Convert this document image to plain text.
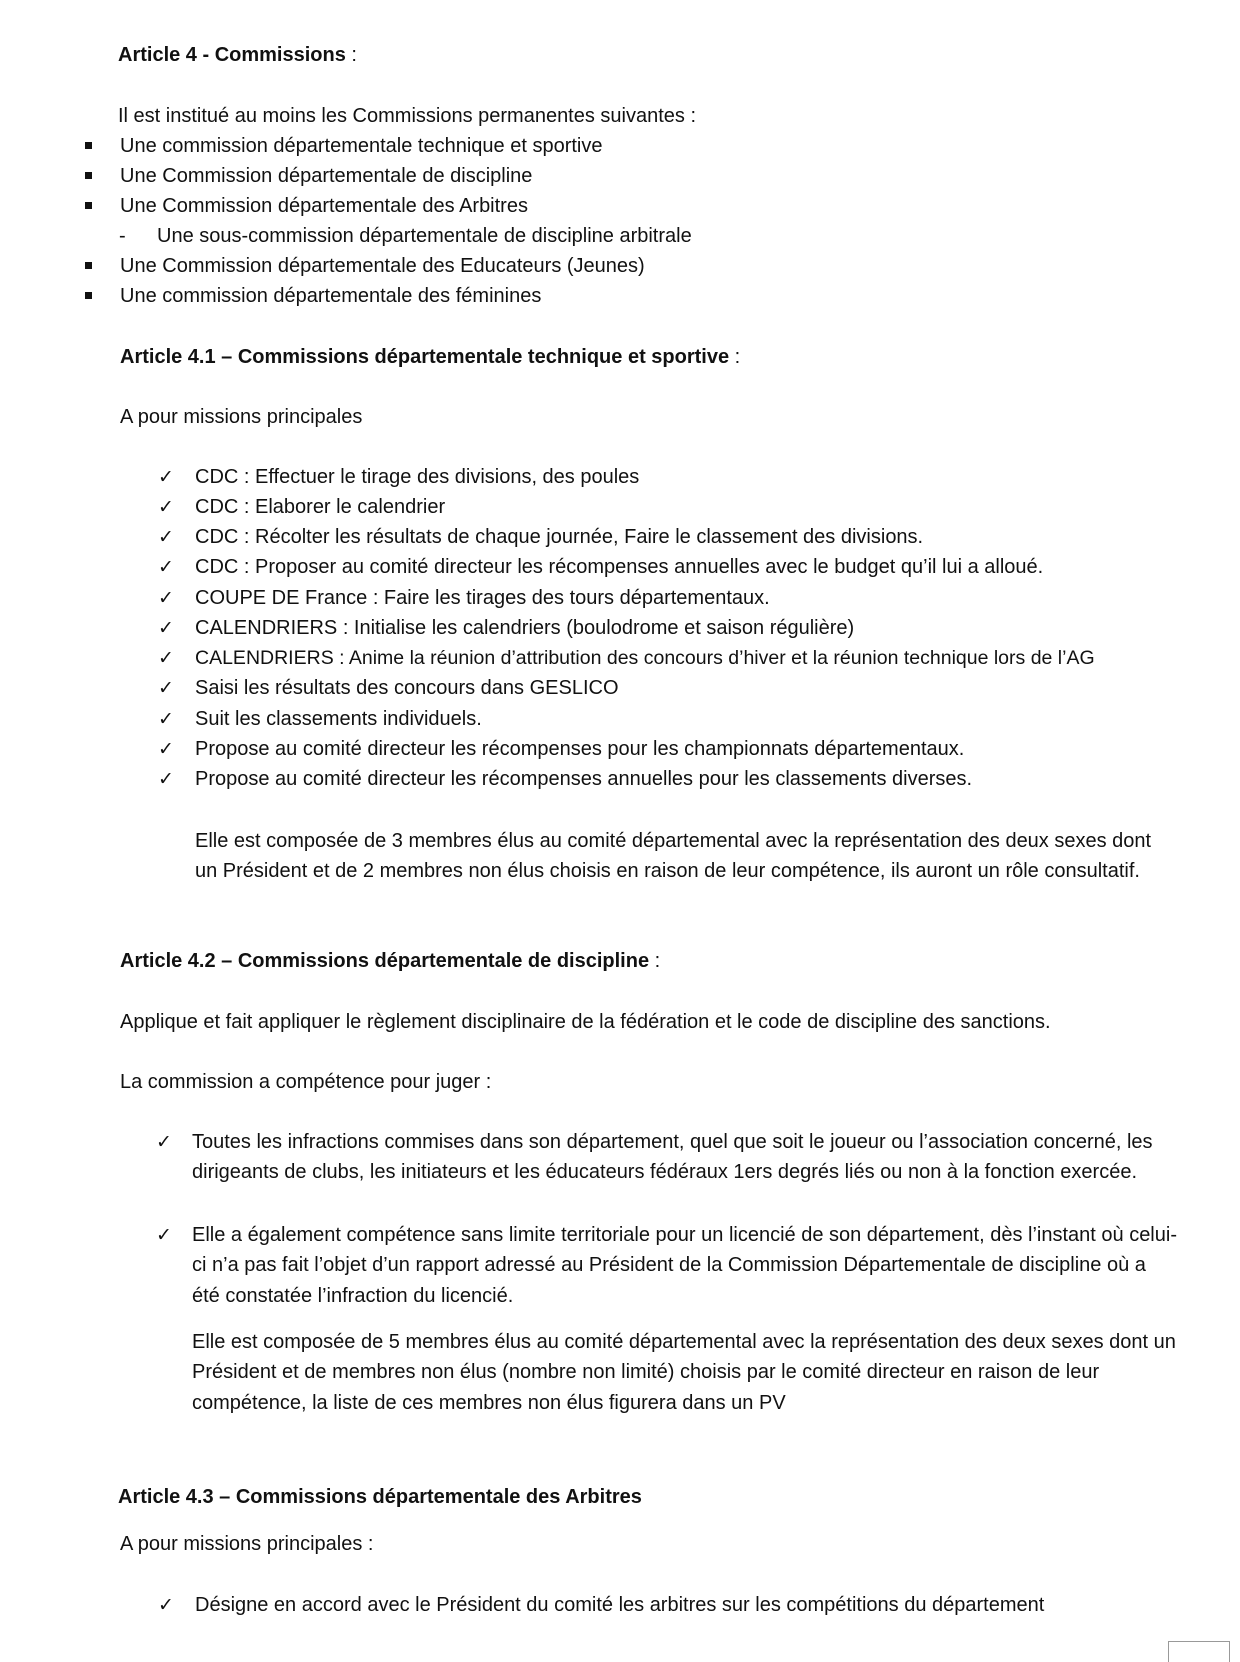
Article 4 - Commissions :
Il est institué au moins les Commissions permanentes suivantes :
Une commission départementale technique et sportive
Une Commission départementale de discipline
Une Commission départementale des Arbitres
- Une sous-commission départementale de discipline arbitrale
Une Commission départementale des Educateurs (Jeunes)
Une commission départementale des féminines
Article 4.1 – Commissions départementale technique et sportive :
A pour missions principales
✓ CDC : Effectuer le tirage des divisions, des poules
✓ CDC : Elaborer le calendrier
✓ CDC : Récolter les résultats de chaque journée, Faire le classement des divisions.
✓ CDC : Proposer au comité directeur les récompenses annuelles avec le budget qu’il lui a alloué.
✓ COUPE DE France : Faire les tirages des tours départementaux.
✓ CALENDRIERS : Initialise les calendriers (boulodrome et saison régulière)
✓ CALENDRIERS : Anime la réunion d’attribution des concours d’hiver et la réunion technique lors de l’AG
✓ Saisi les résultats des concours dans GESLICO
✓ Suit les classements individuels.
✓ Propose au comité directeur les récompenses pour les championnats départementaux.
✓ Propose au comité directeur les récompenses annuelles pour les classements diverses.
Elle est composée de 3 membres élus au comité départemental avec la représentation des deux sexes dont un Président et de 2 membres non élus choisis en raison de leur compétence, ils auront un rôle consultatif.
Article 4.2 – Commissions départementale de discipline :
Applique et fait appliquer le règlement disciplinaire de la fédération et le code de discipline des sanctions.
La commission a compétence pour juger :
✓ Toutes les infractions commises dans son département, quel que soit le joueur ou l’association concerné, les dirigeants de clubs, les initiateurs et les éducateurs fédéraux 1ers degrés liés ou non à la fonction exercée.
✓ Elle a également compétence sans limite territoriale pour un licencié de son département, dès l’instant où celui-ci n’a pas fait l’objet d’un rapport adressé au Président de la Commission Départementale de discipline où a été constatée l’infraction du licencié.
Elle est composée de 5 membres élus au comité départemental avec la représentation des deux sexes dont un Président et de membres non élus (nombre non limité) choisis par le comité directeur en raison de leur compétence, la liste de ces membres non élus figurera dans un PV
Article 4.3 – Commissions départementale des Arbitres
A pour missions principales :
✓ Désigne en accord avec le Président du comité les arbitres sur les compétitions du département
